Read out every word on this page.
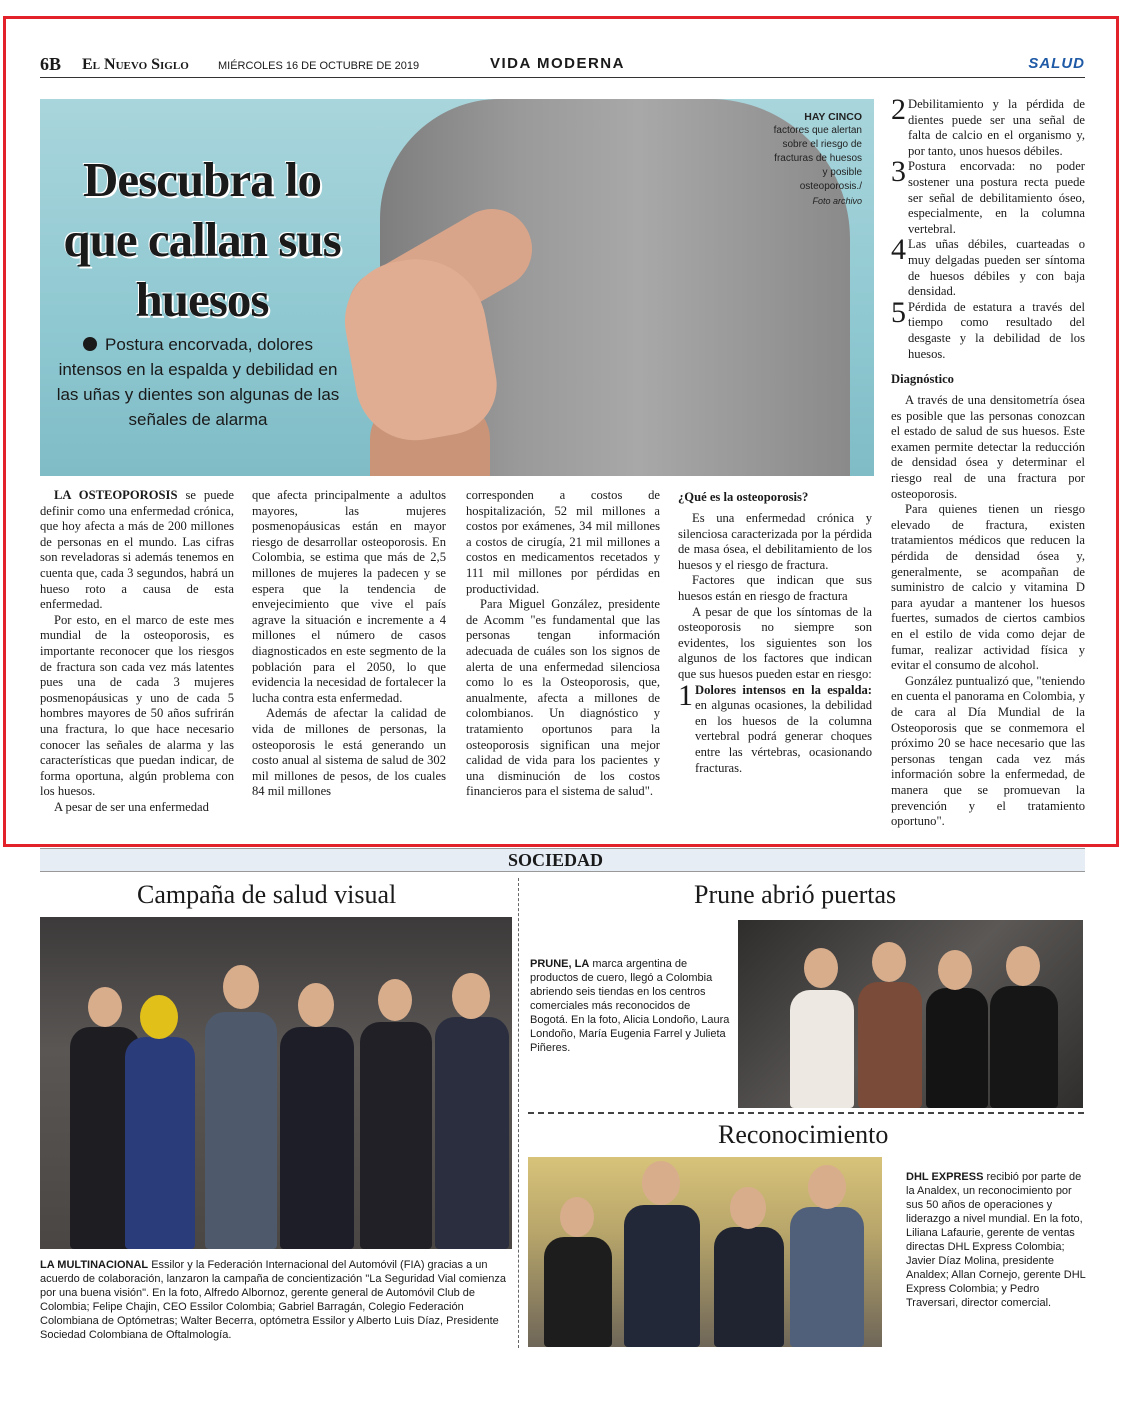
6B El Nuevo Siglo	MIÉRCOLES 16 DE OCTUBRE DE 2019	VIDA MODERNA	SALUD
Descubra lo que callan sus huesos
Postura encorvada, dolores intensos en la espalda y debilidad en las uñas y dientes son algunas de las señales de alarma
HAY CINCO
factores que alertan sobre el riesgo de fracturas de huesos y posible osteoporosis./
Foto archivo

LA OSTEOPOROSIS se puede definir como una enfermedad crónica, que hoy afecta a más de 200 millones de personas en el mundo. Las cifras son reveladoras si además tenemos en cuenta que, cada 3 segundos, habrá un hueso roto a causa de esta enfermedad.

Por esto, en el marco de este mes mundial de la osteoporosis, es importante reconocer que los riesgos de fractura son cada vez más latentes pues una de cada 3 mujeres posmenopáusicas y uno de cada 5 hombres mayores de 50 años sufrirán una fractura, lo que hace necesario conocer las señales de alarma y las características que puedan indicar, de forma oportuna, algún problema con los huesos.

A pesar de ser una enfermedad

que afecta principalmente a adultos mayores, las mujeres posmenopáusicas están en mayor riesgo de desarrollar osteoporosis. En Colombia, se estima que más de 2,5 millones de mujeres la padecen y se espera que la tendencia de envejecimiento que vive el país agrave la situación e incremente a 4 millones el número de casos diagnosticados en este segmento de la población para el 2050, lo que evidencia la necesidad de fortalecer la lucha contra esta enfermedad.

Además de afectar la calidad de vida de millones de personas, la osteoporosis le está generando un costo anual al sistema de salud de 302 mil millones de pesos, de los cuales 84 mil millones

corresponden a costos de hospitalización, 52 mil millones a costos por exámenes, 34 mil millones a costos de cirugía, 21 mil millones a costos en medicamentos recetados y 111 mil millones por pérdidas en productividad.

Para Miguel González, presidente de Acomm "es fundamental que las personas tengan información adecuada de cuáles son los signos de alerta de una enfermedad silenciosa como lo es la Osteoporosis, que, anualmente, afecta a millones de colombianos. Un diagnóstico y tratamiento oportunos para la osteoporosis significan una mejor calidad de vida para los pacientes y una disminución de los costos financieros para el sistema de salud".

¿Qué es la osteoporosis?

Es una enfermedad crónica y silenciosa caracterizada por la pérdida de masa ósea, el debilitamiento de los huesos y el riesgo de fractura.

Factores que indican que sus huesos están en riesgo de fractura

A pesar de que los síntomas de la osteoporosis no siempre son evidentes, los siguientes son los algunos de los factores que indican que sus huesos pueden estar en riesgo:

1 Dolores intensos en la espalda: en algunas ocasiones, la debilidad en los huesos de la columna vertebral podrá generar choques entre las vértebras, ocasionando fracturas.
2 Debilitamiento y la pérdida de dientes puede ser una señal de falta de calcio en el organismo y, por tanto, unos huesos débiles.
3 Postura encorvada: no poder sostener una postura recta puede ser señal de debilitamiento óseo, especialmente, en la columna vertebral.
4 Las uñas débiles, cuarteadas o muy delgadas pueden ser síntoma de huesos débiles y con baja densidad.
5 Pérdida de estatura a través del tiempo como resultado del desgaste y la debilidad de los huesos.
Diagnóstico

A través de una densitometría ósea es posible que las personas conozcan el estado de salud de sus huesos. Este examen permite detectar la reducción de densidad ósea y determinar el riesgo real de una fractura por osteoporosis.

Para quienes tienen un riesgo elevado de fractura, existen tratamientos médicos que reducen la pérdida de densidad ósea y, generalmente, se acompañan de suministro de calcio y vitamina D para ayudar a mantener los huesos fuertes, sumados de ciertos cambios en el estilo de vida como dejar de fumar, realizar actividad física y evitar el consumo de alcohol.

González puntualizó que, "teniendo en cuenta el panorama en Colombia, y de cara al Día Mundial de la Osteoporosis que se conmemora el próximo 20 se hace necesario que las personas tengan cada vez más información sobre la enfermedad, de manera que se promuevan la prevención y el tratamiento oportuno".

SOCIEDAD
Campaña de salud visual	Prune abrió puertas
Reconocimiento
LA MULTINACIONAL Essilor y la Federación Internacional del Automóvil (FIA) gracias a un acuerdo de colaboración, lanzaron la campaña de concientización "La Seguridad Vial comienza por una buena visión". En la foto, Alfredo Albornoz, gerente general de Automóvil Club de Colombia; Felipe Chajin, CEO Essilor Colombia; Gabriel Barragán, Colegio Federación Colombiana de Optómetras; Walter Becerra, optómetra Essilor y Alberto Luis Díaz, Presidente Sociedad Colombiana de Oftalmología.
PRUNE, LA marca argentina de productos de cuero, llegó a Colombia abriendo seis tiendas en los centros comerciales más reconocidos de Bogotá. En la foto, Alicia Londoño, Laura Londoño, María Eugenia Farrel y Julieta Piñeres.
DHL EXPRESS recibió por parte de la Analdex, un reconocimiento por sus 50 años de operaciones y liderazgo a nivel mundial. En la foto, Liliana Lafaurie, gerente de ventas directas DHL Express Colombia; Javier Díaz Molina, presidente Analdex; Allan Cornejo, gerente DHL Express Colombia; y Pedro Traversari, director comercial.
